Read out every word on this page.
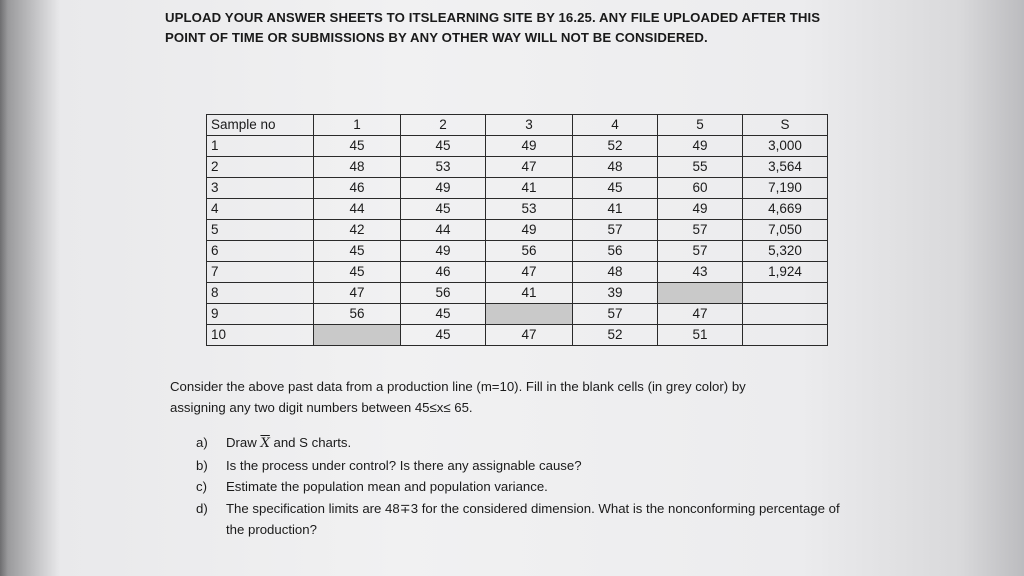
UPLOAD YOUR ANSWER SHEETS TO ITSLEARNING SITE BY 16.25. ANY FILE UPLOADED AFTER THIS
POINT OF TIME OR SUBMISSIONS BY ANY OTHER WAY WILL NOT BE CONSIDERED.
Sample no	1	2	3	4	5	S
1	45	45	49	52	49	3,000
2	48	53	47	48	55	3,564
3	46	49	41	45	60	7,190
4	44	45	53	41	49	4,669
5	42	44	49	57	57	7,050
6	45	49	56	56	57	5,320
7	45	46	47	48	43	1,924
8	47	56	41	39		
9	56	45		57	47	
10		45	47	52	51	
Consider the above past data from a production line (m=10). Fill in the blank cells (in grey color) by
assigning any two digit numbers between 45≤x≤ 65.
a)	Draw $\overline{X}$ and S charts.
b)	Is the process under control? Is there any assignable cause?
c)	Estimate the population mean and population variance.
d)	The specification limits are 48∓3 for the considered dimension. What is the nonconforming percentage of the production?
